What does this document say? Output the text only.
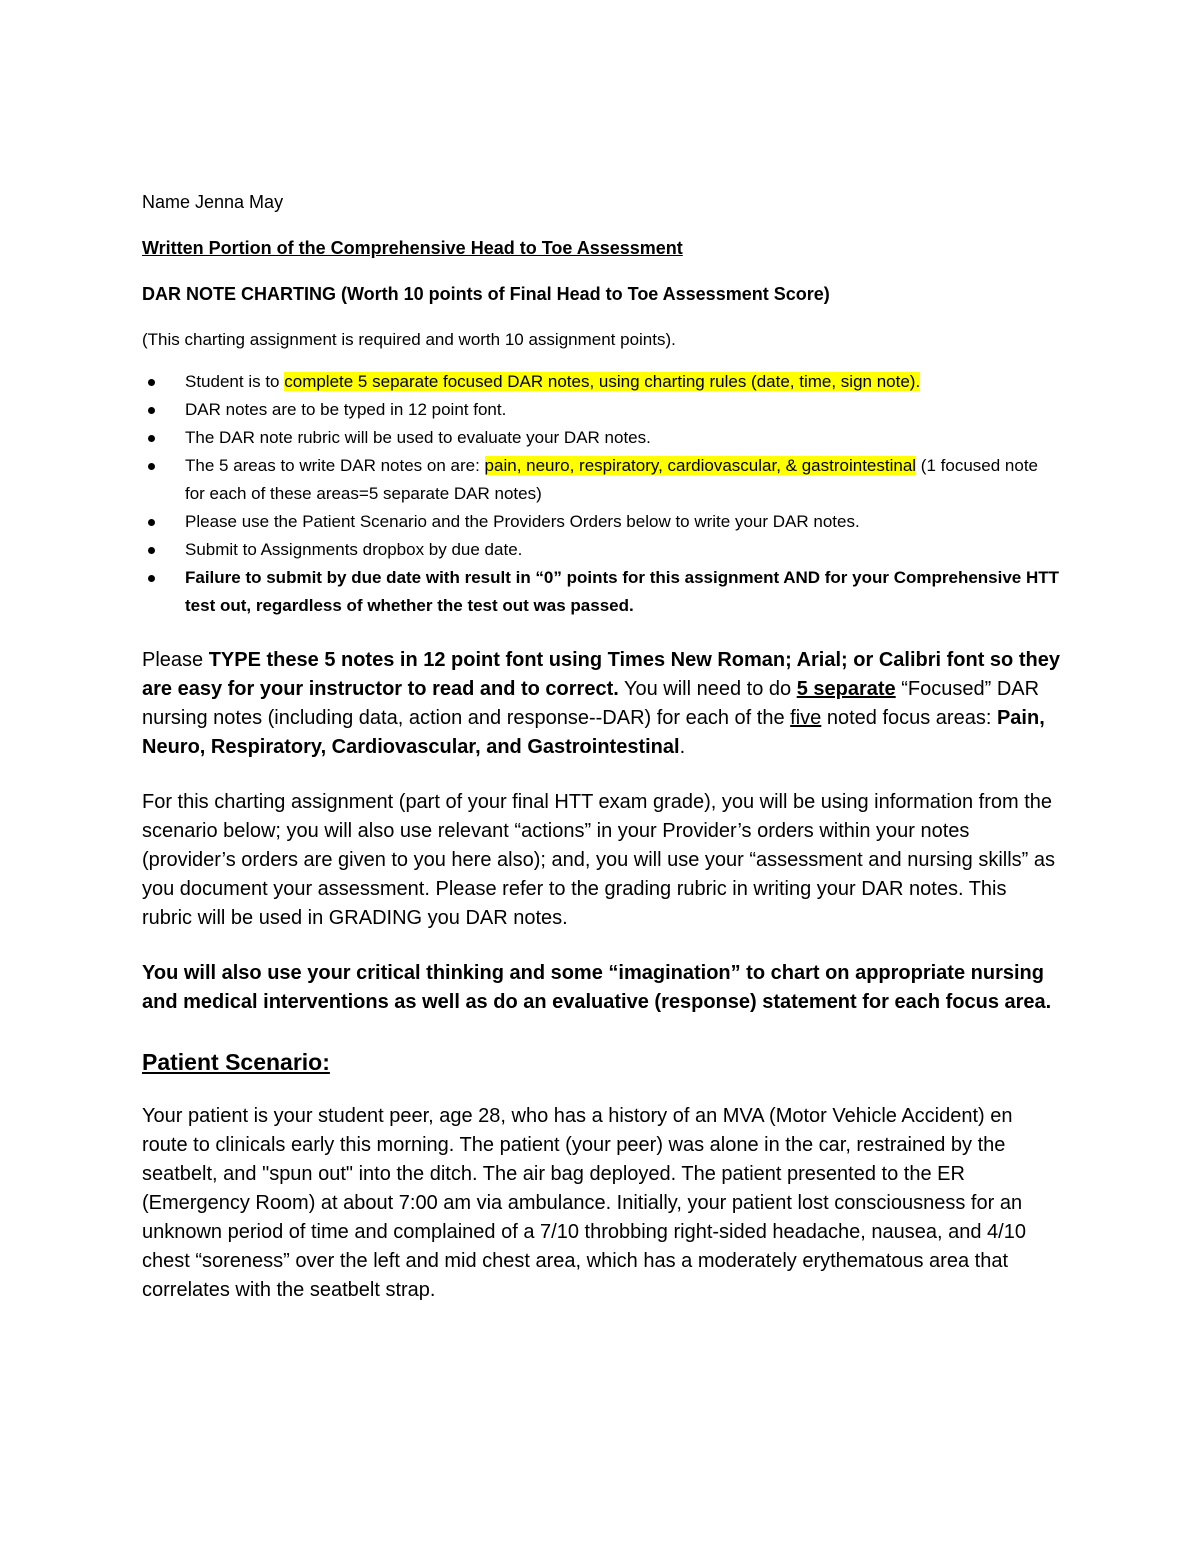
Name Jenna May

Written Portion of the Comprehensive Head to Toe Assessment

DAR NOTE CHARTING (Worth 10 points of Final Head to Toe Assessment Score)

(This charting assignment is required and worth 10 assignment points).

Student is to complete 5 separate focused DAR notes, using charting rules (date, time, sign note).
DAR notes are to be typed in 12 point font.
The DAR note rubric will be used to evaluate your DAR notes.
The 5 areas to write DAR notes on are: pain, neuro, respiratory, cardiovascular, & gastrointestinal (1 focused note for each of these areas=5 separate DAR notes)
Please use the Patient Scenario and the Providers Orders below to write your DAR notes.
Submit to Assignments dropbox by due date.
Failure to submit by due date with result in “0” points for this assignment AND for your Comprehensive HTT test out, regardless of whether the test out was passed.

Please TYPE these 5 notes in 12 point font using Times New Roman; Arial; or Calibri font so they are easy for your instructor to read and to correct. You will need to do 5 separate “Focused” DAR nursing notes (including data, action and response--DAR) for each of the five noted focus areas: Pain, Neuro, Respiratory, Cardiovascular, and Gastrointestinal.

For this charting assignment (part of your final HTT exam grade), you will be using information from the scenario below; you will also use relevant “actions” in your Provider’s orders within your notes (provider’s orders are given to you here also); and, you will use your “assessment and nursing skills” as you document your assessment. Please refer to the grading rubric in writing your DAR notes. This rubric will be used in GRADING you DAR notes.

You will also use your critical thinking and some “imagination” to chart on appropriate nursing and medical interventions as well as do an evaluative (response) statement for each focus area.

Patient Scenario:

Your patient is your student peer, age 28, who has a history of an MVA (Motor Vehicle Accident) en route to clinicals early this morning. The patient (your peer) was alone in the car, restrained by the seatbelt, and "spun out" into the ditch. The air bag deployed. The patient presented to the ER (Emergency Room) at about 7:00 am via ambulance. Initially, your patient lost consciousness for an unknown period of time and complained of a 7/10 throbbing right-sided headache, nausea, and 4/10 chest “soreness” over the left and mid chest area, which has a moderately erythematous area that correlates with the seatbelt strap.
